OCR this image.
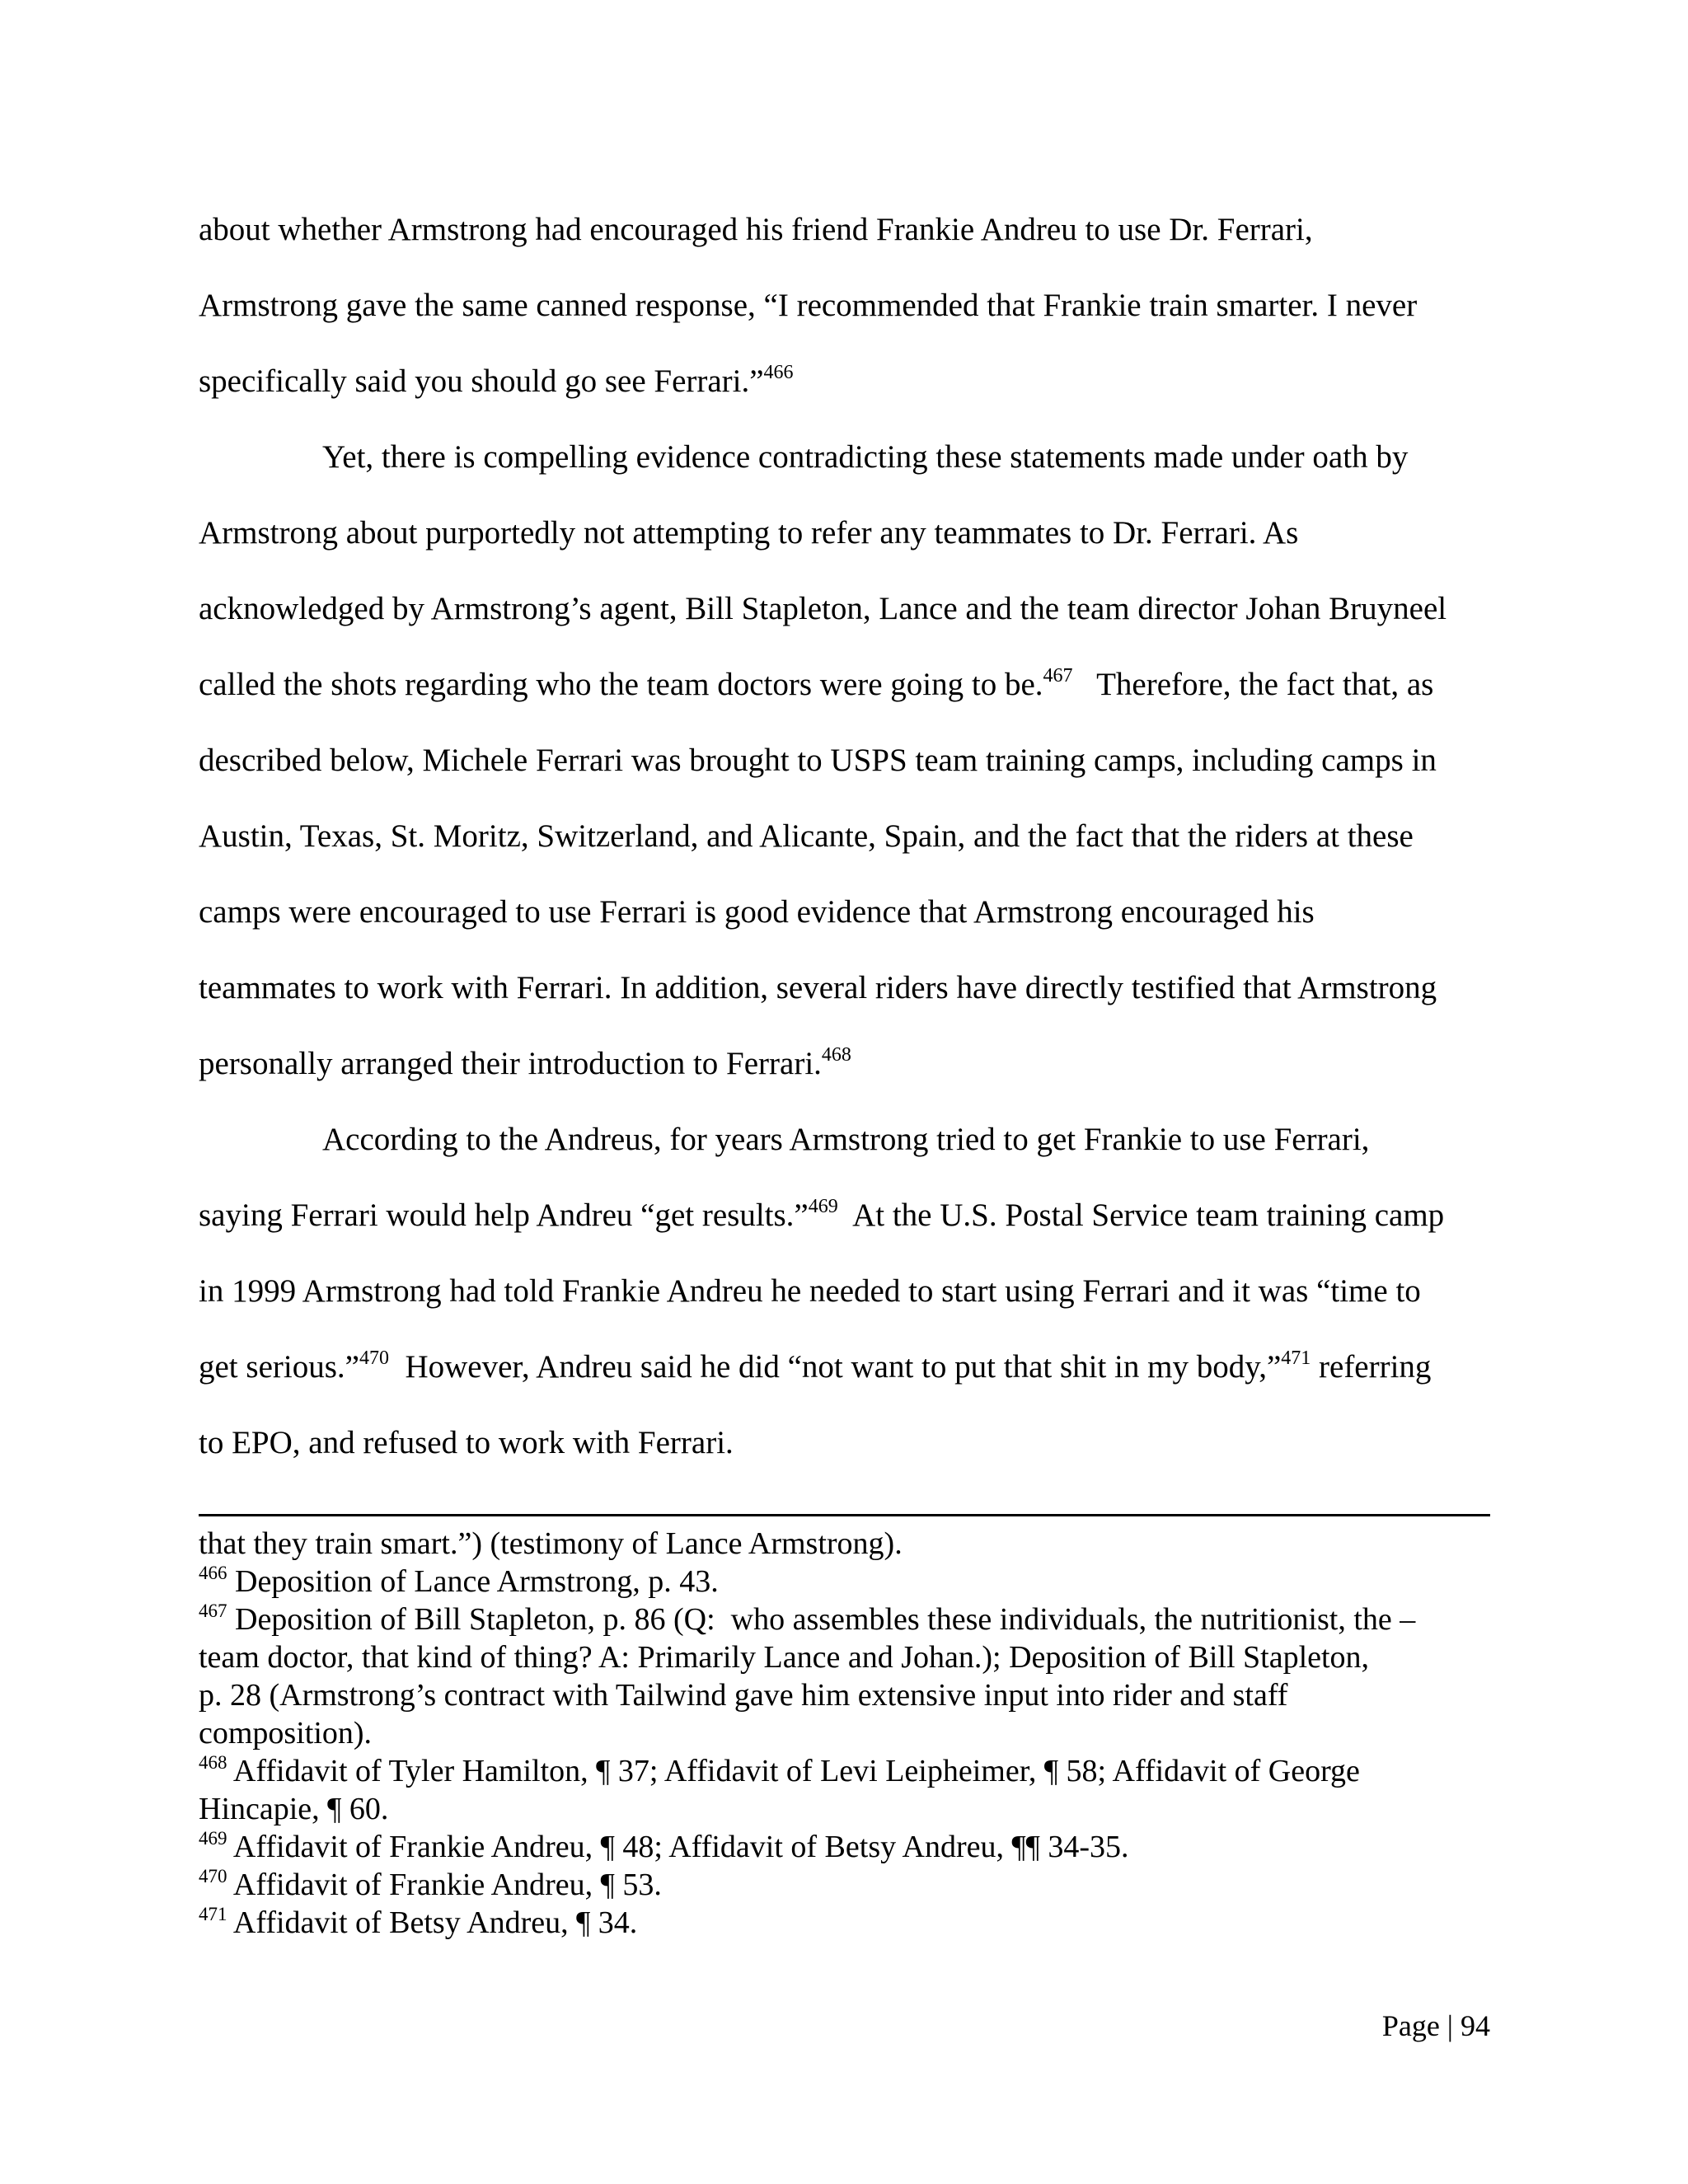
about whether Armstrong had encouraged his friend Frankie Andreu to use Dr. Ferrari,
Armstrong gave the same canned response, “I recommended that Frankie train smarter. I never
specifically said you should go see Ferrari.”$^{466}$

Yet, there is compelling evidence contradicting these statements made under oath by
Armstrong about purportedly not attempting to refer any teammates to Dr. Ferrari. As
acknowledged by Armstrong’s agent, Bill Stapleton, Lance and the team director Johan Bruyneel
called the shots regarding who the team doctors were going to be.$^{467}$   Therefore, the fact that, as
described below, Michele Ferrari was brought to USPS team training camps, including camps in
Austin, Texas, St. Moritz, Switzerland, and Alicante, Spain, and the fact that the riders at these
camps were encouraged to use Ferrari is good evidence that Armstrong encouraged his
teammates to work with Ferrari. In addition, several riders have directly testified that Armstrong
personally arranged their introduction to Ferrari.$^{468}$

According to the Andreus, for years Armstrong tried to get Frankie to use Ferrari,
saying Ferrari would help Andreu “get results.”$^{469}$  At the U.S. Postal Service team training camp
in 1999 Armstrong had told Frankie Andreu he needed to start using Ferrari and it was “time to
get serious.”$^{470}$  However, Andreu said he did “not want to put that shit in my body,”$^{471}$ referring
to EPO, and refused to work with Ferrari.

that they train smart.”) (testimony of Lance Armstrong).

$^{466}$ Deposition of Lance Armstrong, p. 43.

$^{467}$ Deposition of Bill Stapleton, p. 86 (Q:  who assembles these individuals, the nutritionist, the –
team doctor, that kind of thing? A: Primarily Lance and Johan.); Deposition of Bill Stapleton,
p. 28 (Armstrong’s contract with Tailwind gave him extensive input into rider and staff
composition).

$^{468}$ Affidavit of Tyler Hamilton, ¶ 37; Affidavit of Levi Leipheimer, ¶ 58; Affidavit of George
Hincapie, ¶ 60.

$^{469}$ Affidavit of Frankie Andreu, ¶ 48; Affidavit of Betsy Andreu, ¶¶ 34-35.

$^{470}$ Affidavit of Frankie Andreu, ¶ 53.

$^{471}$ Affidavit of Betsy Andreu, ¶ 34.

Page | 94
